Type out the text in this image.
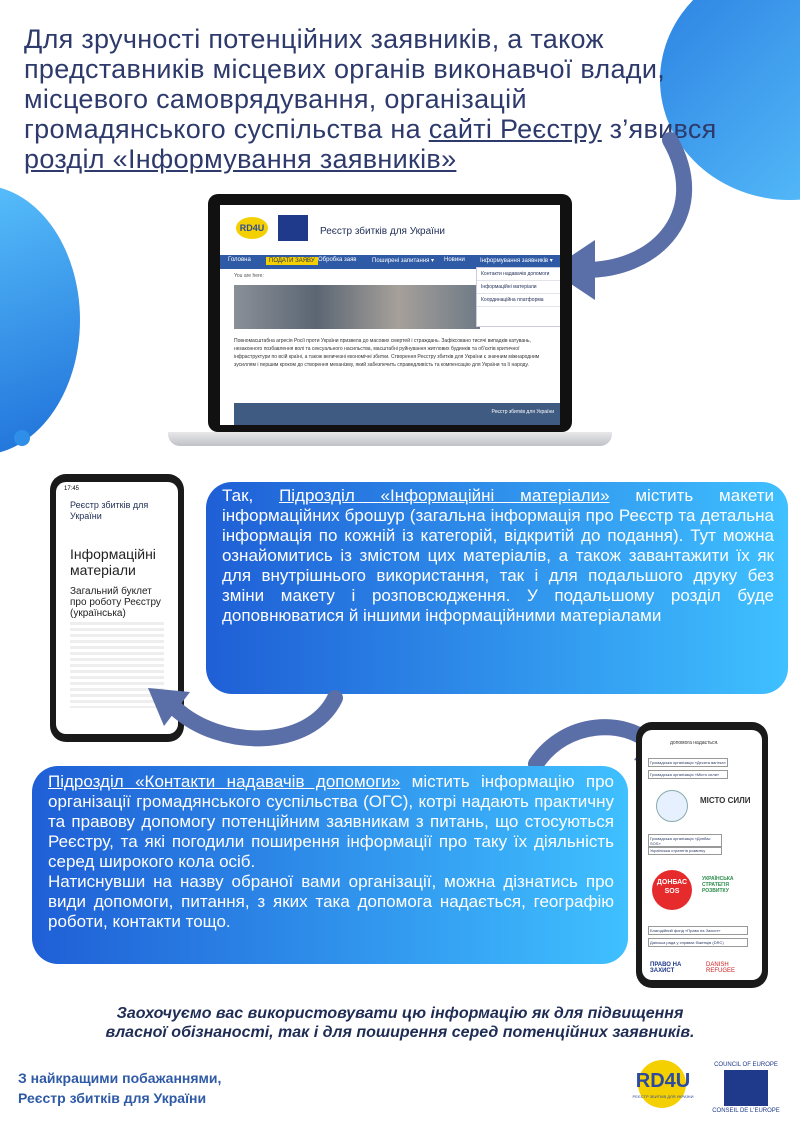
Для зручності потенційних заявників, а також представників місцевих органів виконавчої влади, місцевого самоврядування, організацій громадянського суспільства на сайті Реєстру з’явився розділ «Інформування заявників»
RD4U	Реєстр збитків для України
Головна	ПОДАТИ ЗАЯВУ Обробка заяв	Поширені запитання ▾ Новини	Інформування заявників ▾
You are here:	Контакти надавачів допомоги
Інформаційні матеріали
Координаційна платформа
Повномасштабна агресія Росії проти України призвела до масових смертей і страждань. Зафіксовано тисячі випадків катувань, незаконного позбавлення волі та сексуального насильства, масштабні руйнування житлових будинків та об'єктів критичної інфраструктури по всій країні, а також величезні економічні збитки. Створення Реєстру збитків для України є значним міжнародним зусиллям і першим кроком до створення механізму, який забезпечить справедливість та компенсацію для України та її народу.
Реєстр збитків для України
17:45
Реєстр збитків для України
Інформаційні матеріали
Загальний буклет про роботу Реєстру (українська)
Так, Підрозділ «Інформаційні матеріали» містить макети інформаційних брошур (загальна інформація про Реєстр та детальна інформація по кожній із категорій, відкритій до подання). Тут можна ознайомитись із змістом цих матеріалів, а також завантажити їх як для внутрішнього використання, так і для подальшого друку без зміни макету і розповсюдження. У подальшому розділ буде доповнюватися й іншими інформаційними матеріалами
допомога надається.
Громадська організація «Десята вагітка»
Громадська організація «Місто сили»
МІСТО СИЛИ
Громадська організація «Донбас SOS»
Українська стратегія розвитку
ДОНБАС SOS
УКРАЇНСЬКА СТРАТЕГІЯ РОЗВИТКУ
Благодійний фонд «Право на Захист»
Данська рада у справах біженців (DRC)
ПРАВО НА ЗАХИСТ
DANISH REFUGEE
Підрозділ «Контакти надавачів допомоги» містить інформацію про організації громадянського суспільства (ОГС), котрі надають практичну та правову допомогу потенційним заявникам з питань, що стосуються Реєстру, та які погодили поширення інформації про таку їх діяльність серед широкого кола осіб.
Натиснувши на назву обраної вами організації, можна дізнатись про види допомоги, питання, з яких така допомога надається, географію роботи, контакти тощо.
Заохочуємо вас використовувати цю інформацію як для підвищення власної обізнаності, так і для поширення серед потенційних заявників.
З найкращими побажаннями,
Реєстр збитків для України
RD4U
РЕЄСТР ЗБИТКІВ ДЛЯ УКРАЇНИ
COUNCIL OF EUROPE
CONSEIL DE L'EUROPE
